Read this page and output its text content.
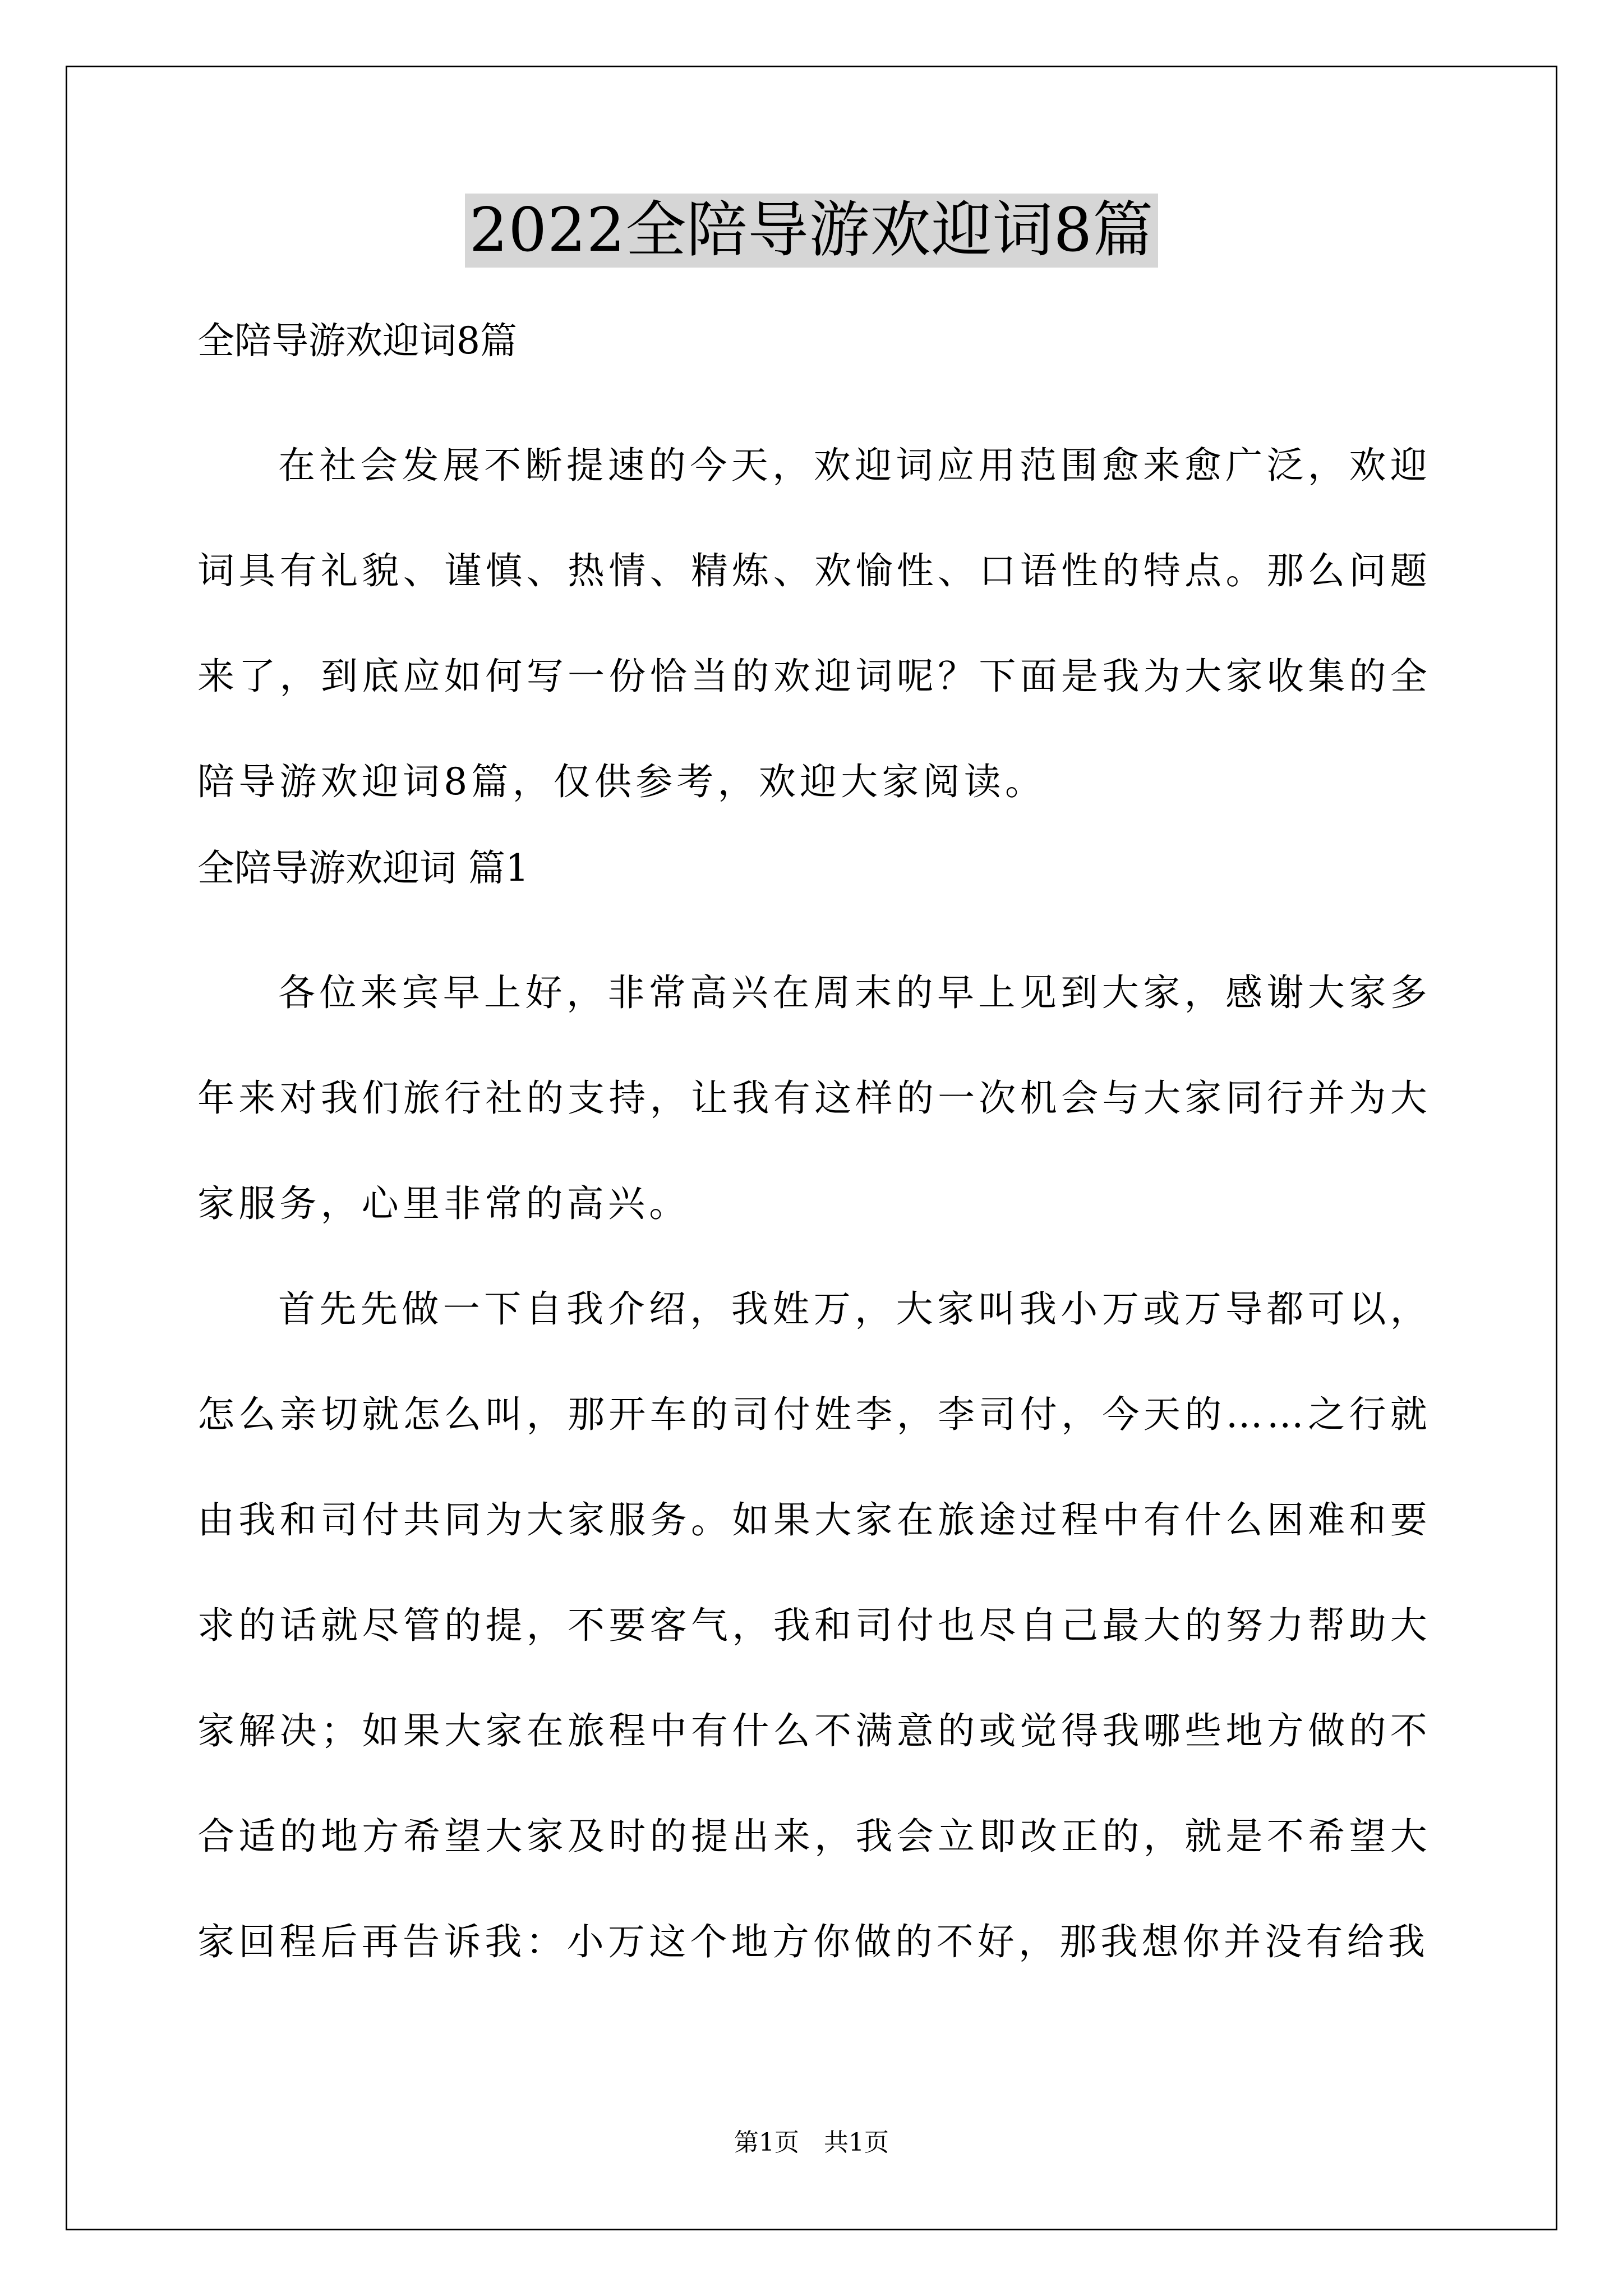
2022全陪导游欢迎词8篇
全陪导游欢迎词8篇

在社会发展不断提速的今天，欢迎词应用范围愈来愈广泛，欢迎词具有礼貌、谨慎、热情、精炼、欢愉性、口语性的特点。那么问题来了，到底应如何写一份恰当的欢迎词呢？下面是我为大家收集的全陪导游欢迎词8篇，仅供参考，欢迎大家阅读。

全陪导游欢迎词 篇1

各位来宾早上好，非常高兴在周末的早上见到大家，感谢大家多年来对我们旅行社的支持，让我有这样的一次机会与大家同行并为大家服务，心里非常的高兴。

首先先做一下自我介绍，我姓万，大家叫我小万或万导都可以，怎么亲切就怎么叫，那开车的司付姓李，李司付，今天的……之行就由我和司付共同为大家服务。如果大家在旅途过程中有什么困难和要求的话就尽管的提，不要客气，我和司付也尽自己最大的努力帮助大家解决；如果大家在旅程中有什么不满意的或觉得我哪些地方做的不合适的地方希望大家及时的提出来，我会立即改正的，就是不希望大家回程后再告诉我：小万这个地方你做的不好，那我想你并没有给我

第1页　共1页
